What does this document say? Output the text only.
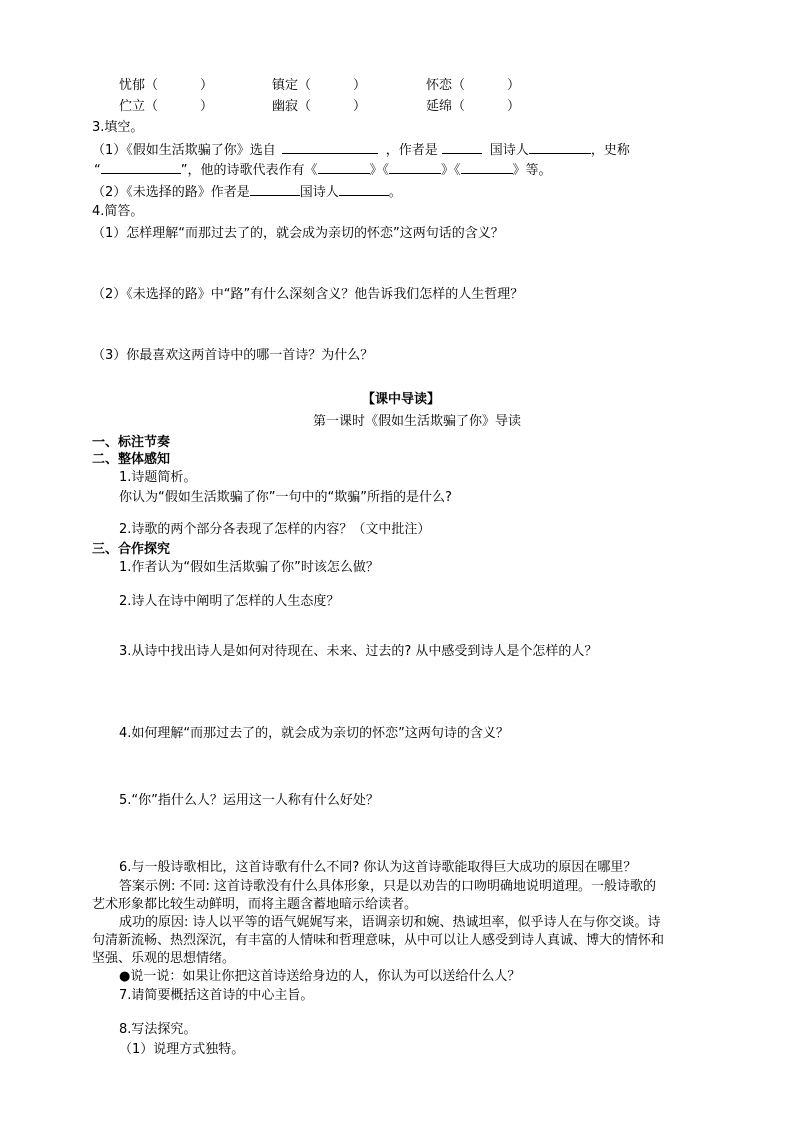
忧郁（	）	镇定（	）	怀恋（	）
伫立（	）	幽寂（	）	延绵（	）
3.填空。
（1）《假如生活欺骗了你》选自	，作者是	国诗人	，史称
“	”，他的诗歌代表作有《	》《	》《	》等。
（2）《未选择的路》作者是	国诗人	。
4.简答。
（1）怎样理解“而那过去了的，就会成为亲切的怀恋”这两句话的含义？
（2）《未选择的路》中“路”有什么深刻含义？他告诉我们怎样的人生哲理？
（3）你最喜欢这两首诗中的哪一首诗？为什么？
【课中导读】
第一课时《假如生活欺骗了你》导读
一、标注节奏
二、整体感知
1.诗题简析。
你认为“假如生活欺骗了你”一句中的“欺骗”所指的是什么?
2.诗歌的两个部分各表现了怎样的内容？（文中批注）
三、合作探究
1.作者认为“假如生活欺骗了你”时该怎么做？
2.诗人在诗中阐明了怎样的人生态度？
3.从诗中找出诗人是如何对待现在、未来、过去的? 从中感受到诗人是个怎样的人？
4.如何理解“而那过去了的，就会成为亲切的怀恋”这两句诗的含义？
5.“你”指什么人？运用这一人称有什么好处？
6.与一般诗歌相比，这首诗歌有什么不同? 你认为这首诗歌能取得巨大成功的原因在哪里？
答案示例: 不同: 这首诗歌没有什么具体形象，只是以劝告的口吻明确地说明道理。一般诗歌的
艺术形象都比较生动鲜明，而将主题含蓄地暗示给读者。
成功的原因: 诗人以平等的语气娓娓写来，语调亲切和婉、热诚坦率，似乎诗人在与你交谈。诗
句清新流畅、热烈深沉，有丰富的人情味和哲理意味，从中可以让人感受到诗人真诚、博大的情怀和
坚强、乐观的思想情绪。
●说一说：如果让你把这首诗送给身边的人，你认为可以送给什么人？
7.请简要概括这首诗的中心主旨。
8.写法探究。
（1）说理方式独特。
